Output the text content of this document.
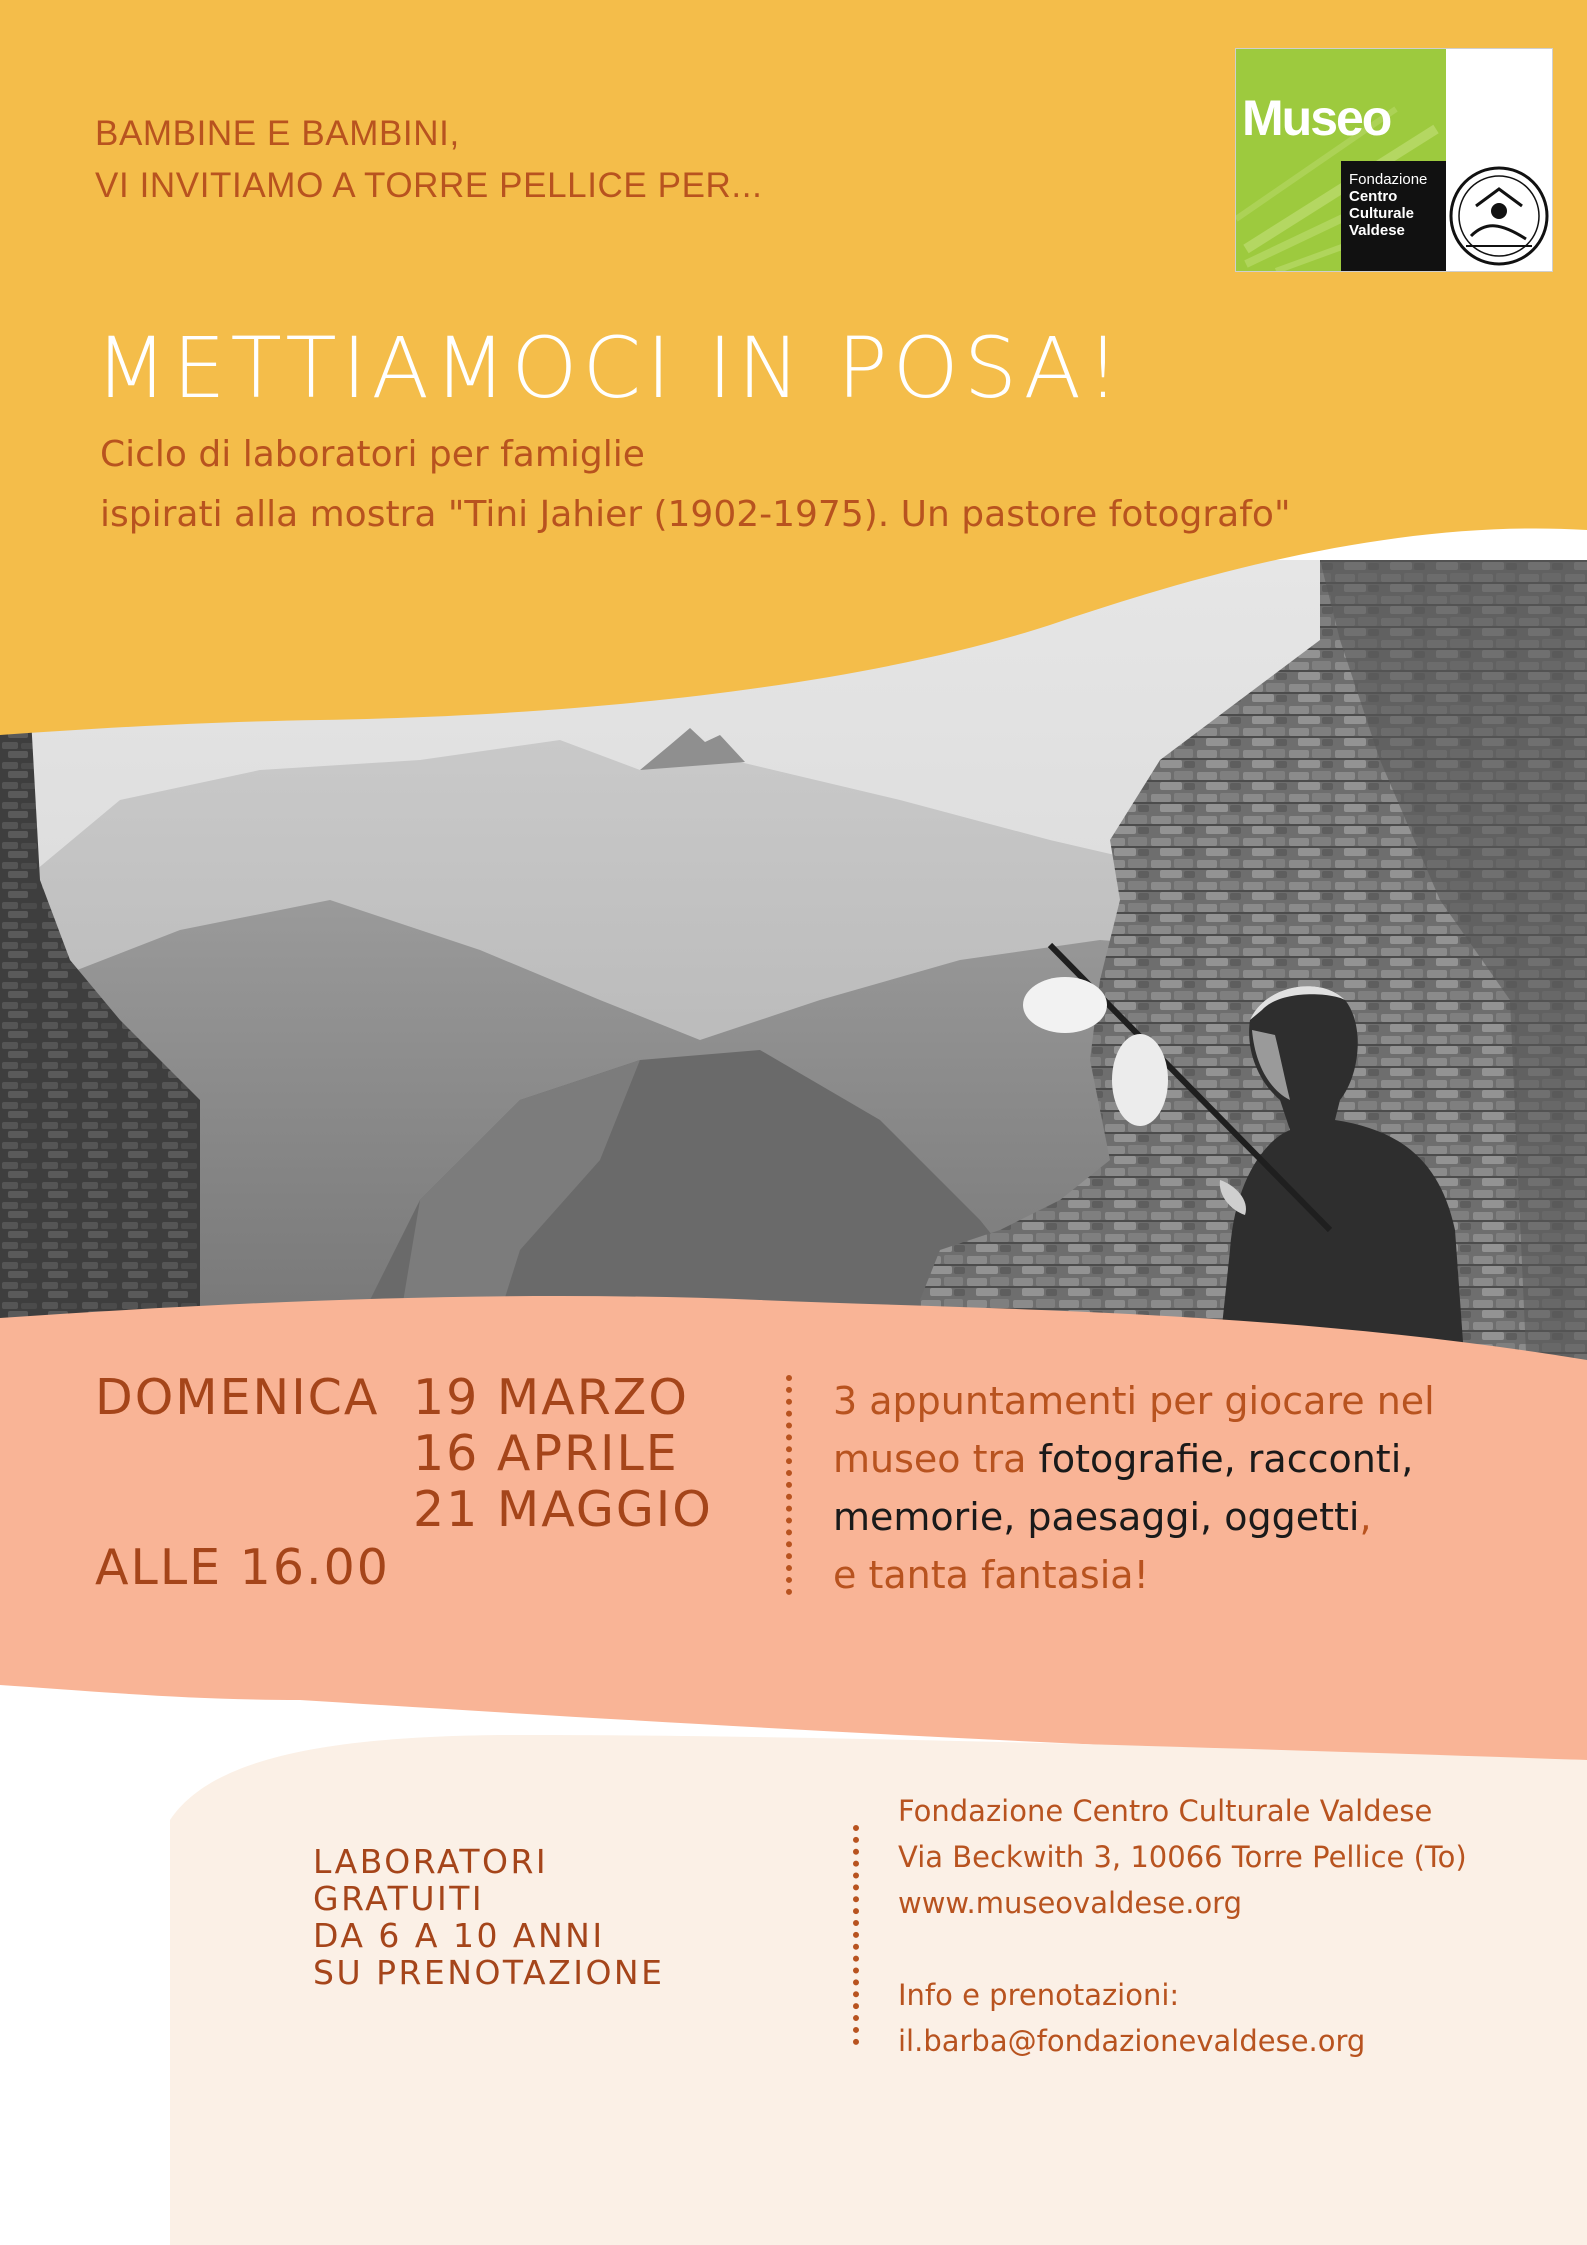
BAMBINE E BAMBINI,
VI INVITIAMO A TORRE PELLICE PER...
Museo
Fondazione
Centro
Culturale
Valdese
METTIAMOCI IN POSA!
Ciclo di laboratori per famiglie
ispirati alla mostra "Tini Jahier (1902-1975). Un pastore fotografo"
DOMENICA 19 MARZO
16 APRILE
21 MAGGIO
ALLE 16.00
3 appuntamenti per giocare nel
museo tra fotografie, racconti,
memorie, paesaggi, oggetti,
e tanta fantasia!
LABORATORI
GRATUITI
DA 6 A 10 ANNI
SU PRENOTAZIONE
Fondazione Centro Culturale Valdese
Via Beckwith 3, 10066 Torre Pellice (To)
www.museovaldese.org
Info e prenotazioni:
il.barba@fondazionevaldese.org
